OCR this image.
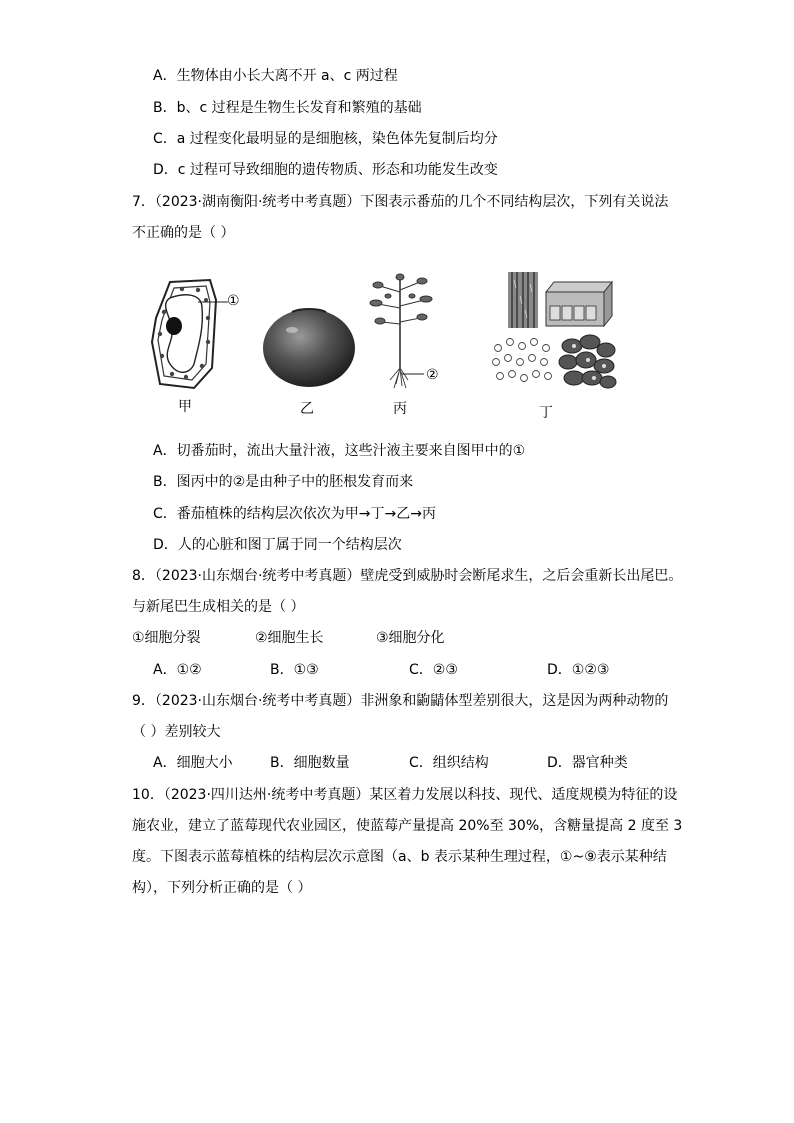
A．生物体由小长大离不开 a、c 两过程
B．b、c 过程是生物生长发育和繁殖的基础
C．a 过程变化最明显的是细胞核，染色体先复制后均分
D．c 过程可导致细胞的遗传物质、形态和功能发生改变
7．（2023·湖南衡阳·统考中考真题）下图表示番茄的几个不同结构层次，下列有关说法
不正确的是（ ）
①
甲	乙
②
丙	丁
A．切番茄时，流出大量汁液，这些汁液主要来自图甲中的①
B．图丙中的②是由种子中的胚根发育而来
C．番茄植株的结构层次依次为甲→丁→乙→丙
D．人的心脏和图丁属于同一个结构层次
8．（2023·山东烟台·统考中考真题）壁虎受到威胁时会断尾求生，之后会重新长出尾巴。
与新尾巴生成相关的是（ ）
①细胞分裂	②细胞生长	③细胞分化
A．①②	B．①③	C．②③	D．①②③
9．（2023·山东烟台·统考中考真题）非洲象和鼩鼱体型差别很大，这是因为两种动物的
（ ）差别较大
A．细胞大小	B．细胞数量	C．组织结构	D．器官种类
10．（2023·四川达州·统考中考真题）某区着力发展以科技、现代、适度规模为特征的设
施农业，建立了蓝莓现代农业园区，使蓝莓产量提高 20%至 30%，含糖量提高 2 度至 3
度。下图表示蓝莓植株的结构层次示意图（a、b 表示某种生理过程，①~⑨表示某种结
构），下列分析正确的是（ ）
